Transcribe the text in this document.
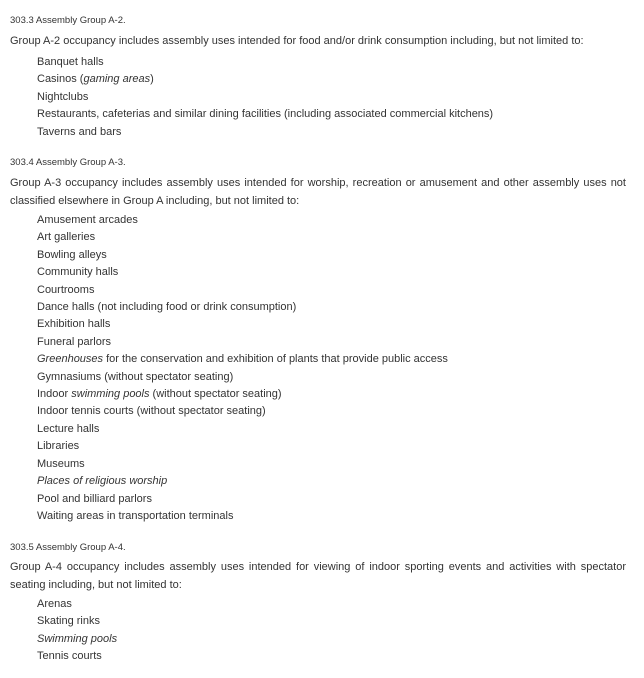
303.3 Assembly Group A-2.
Group A-2 occupancy includes assembly uses intended for food and/or drink consumption including, but not limited to:
Banquet halls
Casinos (gaming areas)
Nightclubs
Restaurants, cafeterias and similar dining facilities (including associated commercial kitchens)
Taverns and bars
303.4 Assembly Group A-3.
Group A-3 occupancy includes assembly uses intended for worship, recreation or amusement and other assembly uses not classified elsewhere in Group A including, but not limited to:
Amusement arcades
Art galleries
Bowling alleys
Community halls
Courtrooms
Dance halls (not including food or drink consumption)
Exhibition halls
Funeral parlors
Greenhouses for the conservation and exhibition of plants that provide public access
Gymnasiums (without spectator seating)
Indoor swimming pools (without spectator seating)
Indoor tennis courts (without spectator seating)
Lecture halls
Libraries
Museums
Places of religious worship
Pool and billiard parlors
Waiting areas in transportation terminals
303.5 Assembly Group A-4.
Group A-4 occupancy includes assembly uses intended for viewing of indoor sporting events and activities with spectator seating including, but not limited to:
Arenas
Skating rinks
Swimming pools
Tennis courts
